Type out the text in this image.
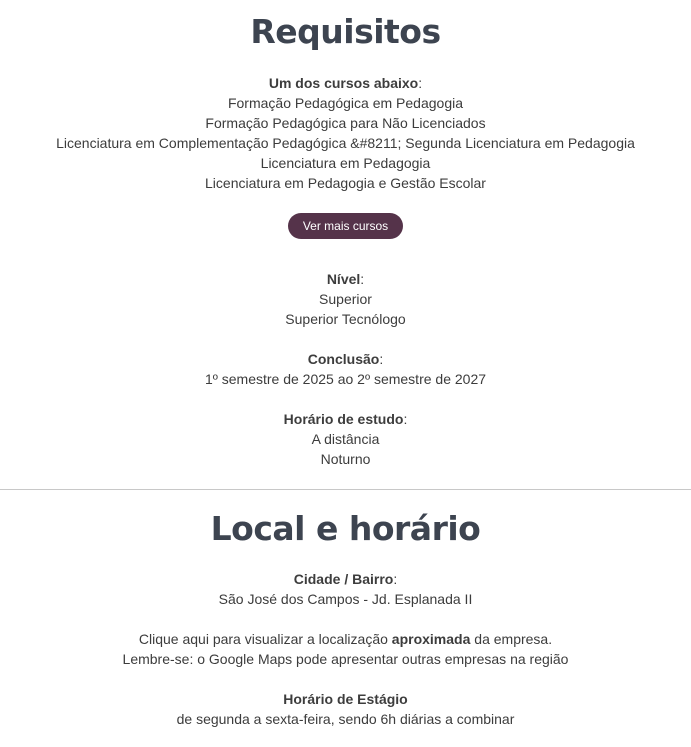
Requisitos
Um dos cursos abaixo:
Formação Pedagógica em Pedagogia
Formação Pedagógica para Não Licenciados
Licenciatura em Complementação Pedagógica &#8211; Segunda Licenciatura em Pedagogia
Licenciatura em Pedagogia
Licenciatura em Pedagogia e Gestão Escolar
Ver mais cursos
Nível:
Superior
Superior Tecnólogo
Conclusão:
1º semestre de 2025 ao 2º semestre de 2027
Horário de estudo:
A distância
Noturno
Local e horário
Cidade / Bairro:
São José dos Campos - Jd. Esplanada II
Clique aqui para visualizar a localização aproximada da empresa.
Lembre-se: o Google Maps pode apresentar outras empresas na região
Horário de Estágio
de segunda a sexta-feira, sendo 6h diárias a combinar
